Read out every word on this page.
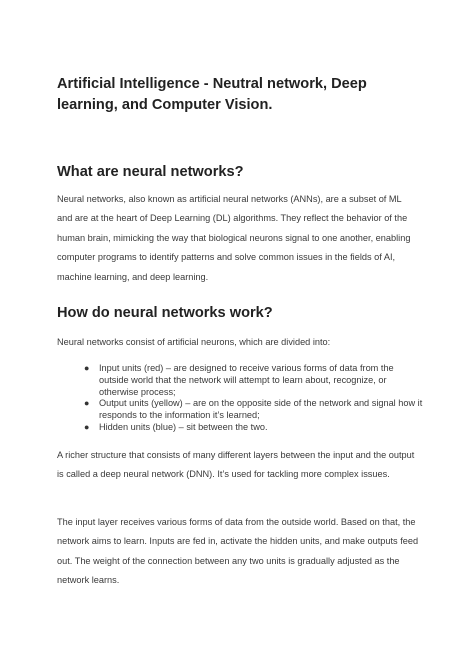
Artificial Intelligence - Neutral network, Deep learning, and Computer Vision.
What are neural networks?

Neural networks, also known as artificial neural networks (ANNs), are a subset of ML and are at the heart of Deep Learning (DL) algorithms. They reflect the behavior of the human brain, mimicking the way that biological neurons signal to one another, enabling computer programs to identify patterns and solve common issues in the fields of AI, machine learning, and deep learning.

How do neural networks work?

Neural networks consist of artificial neurons, which are divided into:

● Input units (red) – are designed to receive various forms of data from the outside world that the network will attempt to learn about, recognize, or otherwise process;
● Output units (yellow) – are on the opposite side of the network and signal how it responds to the information it’s learned;
● Hidden units (blue) – sit between the two.

A richer structure that consists of many different layers between the input and the output is called a deep neural network (DNN). It’s used for tackling more complex issues.

The input layer receives various forms of data from the outside world. Based on that, the network aims to learn. Inputs are fed in, activate the hidden units, and make outputs feed out. The weight of the connection between any two units is gradually adjusted as the network learns.
